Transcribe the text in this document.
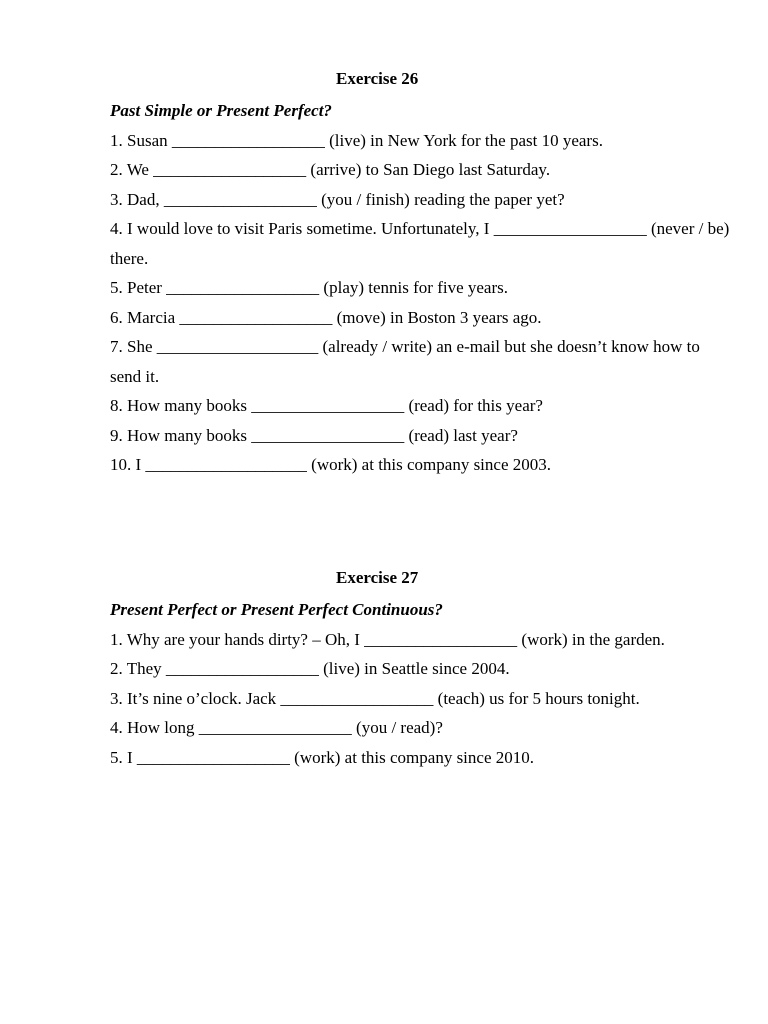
Exercise 26
Past Simple or Present Perfect?
1. Susan __________________ (live) in New York for the past 10 years.
2. We __________________ (arrive) to San Diego last Saturday.
3. Dad, __________________ (you / finish) reading the paper yet?
4. I would love to visit Paris sometime. Unfortunately, I __________________ (never / be) there.
5. Peter __________________ (play) tennis for five years.
6. Marcia __________________ (move) in Boston 3 years ago.
7. She ___________________ (already / write) an e-mail but she doesn’t know how to send it.
8. How many books __________________ (read) for this year?
9. How many books __________________ (read) last year?
10. I ___________________ (work) at this company since 2003.
Exercise 27
Present Perfect or Present Perfect Continuous?
1. Why are your hands dirty? – Oh, I __________________ (work) in the garden.
2. They __________________ (live) in Seattle since 2004.
3. It’s nine o’clock. Jack __________________ (teach) us for 5 hours tonight.
4. How long __________________ (you / read)?
5. I __________________ (work) at this company since 2010.
